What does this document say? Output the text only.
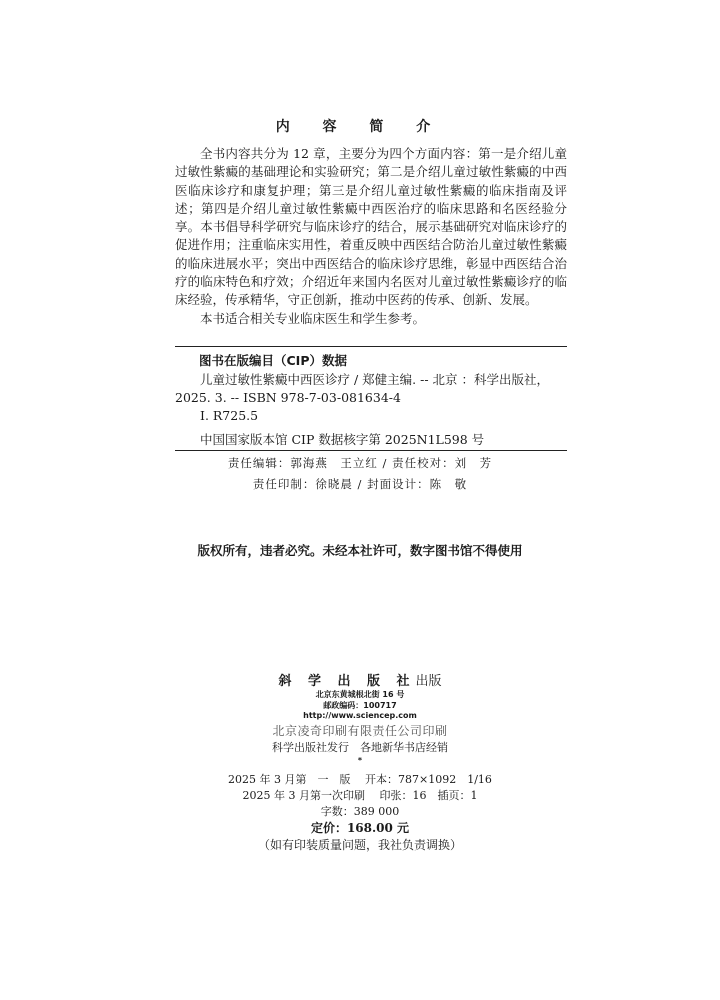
内 容 简 介

全书内容共分为 12 章，主要分为四个方面内容：第一是介绍儿童过敏性紫癜的基础理论和实验研究；第二是介绍儿童过敏性紫癜的中西医临床诊疗和康复护理；第三是介绍儿童过敏性紫癜的临床指南及评述；第四是介绍儿童过敏性紫癜中西医治疗的临床思路和名医经验分享。本书倡导科学研究与临床诊疗的结合，展示基础研究对临床诊疗的促进作用；注重临床实用性，着重反映中西医结合防治儿童过敏性紫癜的临床进展水平；突出中西医结合的临床诊疗思维，彰显中西医结合治疗的临床特色和疗效；介绍近年来国内名医对儿童过敏性紫癜诊疗的临床经验，传承精华，守正创新，推动中医药的传承、创新、发展。

本书适合相关专业临床医生和学生参考。

图书在版编目（CIP）数据
儿童过敏性紫癜中西医诊疗 / 郑健主编. -- 北京 ：科学出版社，2025. 3. -- ISBN 978-7-03-081634-4
Ⅰ. R725.5
中国国家版本馆 CIP 数据核字第 2025N1L598 号
责任编辑：郭海燕　王立红 / 责任校对：刘　芳
责任印制：徐晓晨 / 封面设计：陈　敬
版权所有，违者必究。未经本社许可，数字图书馆不得使用
斜 学 出 版 社出版
北京东黄城根北街 16 号
邮政编码：100717
http://www.sciencep.com
北京凌奇印刷有限责任公司印刷
科学出版社发行　各地新华书店经销
*
2025 年 3 月第　一　版　 开本：787×1092　1/16
2025 年 3 月第一次印刷　 印张：16　插页：1
字数：389 000
定价：168.00 元
（如有印装质量问题，我社负责调换）
